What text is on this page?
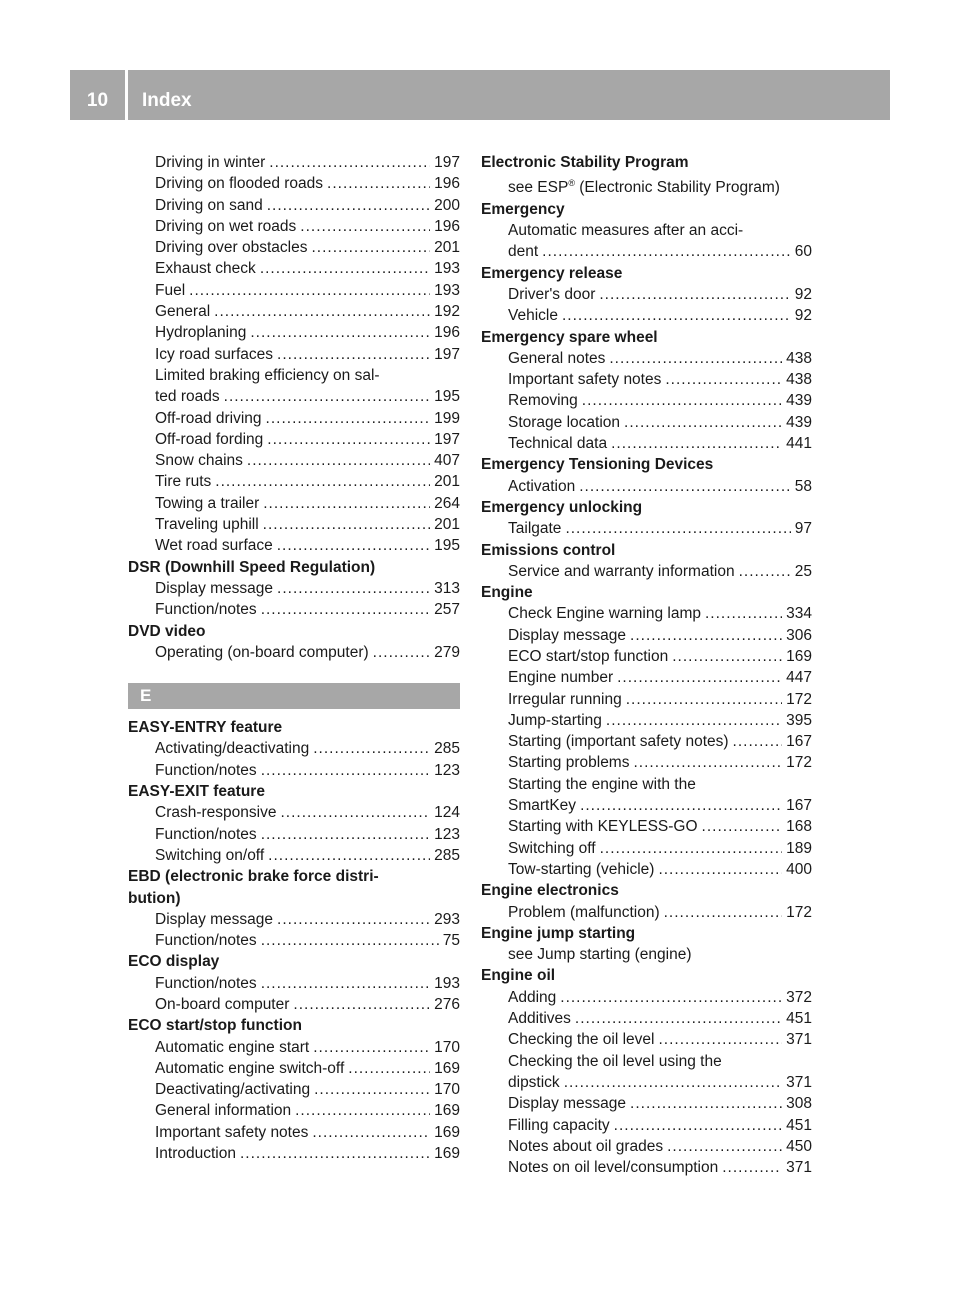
10	Index
Driving in winter .....	197
Driving on flooded roads .....	196
Driving on sand .....	200
Driving on wet roads .....	196
Driving over obstacles .....	201
Exhaust check .....	193
Fuel .....	193
General .....	192
Hydroplaning .....	196
Icy road surfaces .....	197
Limited braking efficiency on sal-
ted roads .....	195
Off-road driving .....	199
Off-road fording .....	197
Snow chains .....	407
Tire ruts .....	201
Towing a trailer .....	264
Traveling uphill .....	201
Wet road surface .....	195
DSR (Downhill Speed Regulation)
Display message .....	313
Function/notes .....	257
DVD video
Operating (on-board computer) .....	279
E
EASY-ENTRY feature
Activating/deactivating .....	285
Function/notes .....	123
EASY-EXIT feature
Crash-responsive .....	124
Function/notes .....	123
Switching on/off .....	285
EBD (electronic brake force distri-
bution)
Display message .....	293
Function/notes .....	75
ECO display
Function/notes .....	193
On-board computer .....	276
ECO start/stop function
Automatic engine start .....	170
Automatic engine switch-off .....	169
Deactivating/activating .....	170
General information .....	169
Important safety notes .....	169
Introduction .....	169
Electronic Stability Program
see ESP® (Electronic Stability Program)
Emergency
Automatic measures after an acci-
dent .....	60
Emergency release
Driver's door .....	92
Vehicle .....	92
Emergency spare wheel
General notes .....	438
Important safety notes .....	438
Removing .....	439
Storage location .....	439
Technical data .....	441
Emergency Tensioning Devices
Activation .....	58
Emergency unlocking
Tailgate .....	97
Emissions control
Service and warranty information .....	25
Engine
Check Engine warning lamp .....	334
Display message .....	306
ECO start/stop function .....	169
Engine number .....	447
Irregular running .....	172
Jump-starting .....	395
Starting (important safety notes) .....	167
Starting problems .....	172
Starting the engine with the
SmartKey .....	167
Starting with KEYLESS-GO .....	168
Switching off .....	189
Tow-starting (vehicle) .....	400
Engine electronics
Problem (malfunction) .....	172
Engine jump starting
see Jump starting (engine)
Engine oil
Adding .....	372
Additives .....	451
Checking the oil level .....	371
Checking the oil level using the
dipstick .....	371
Display message .....	308
Filling capacity .....	451
Notes about oil grades .....	450
Notes on oil level/consumption .....	371
